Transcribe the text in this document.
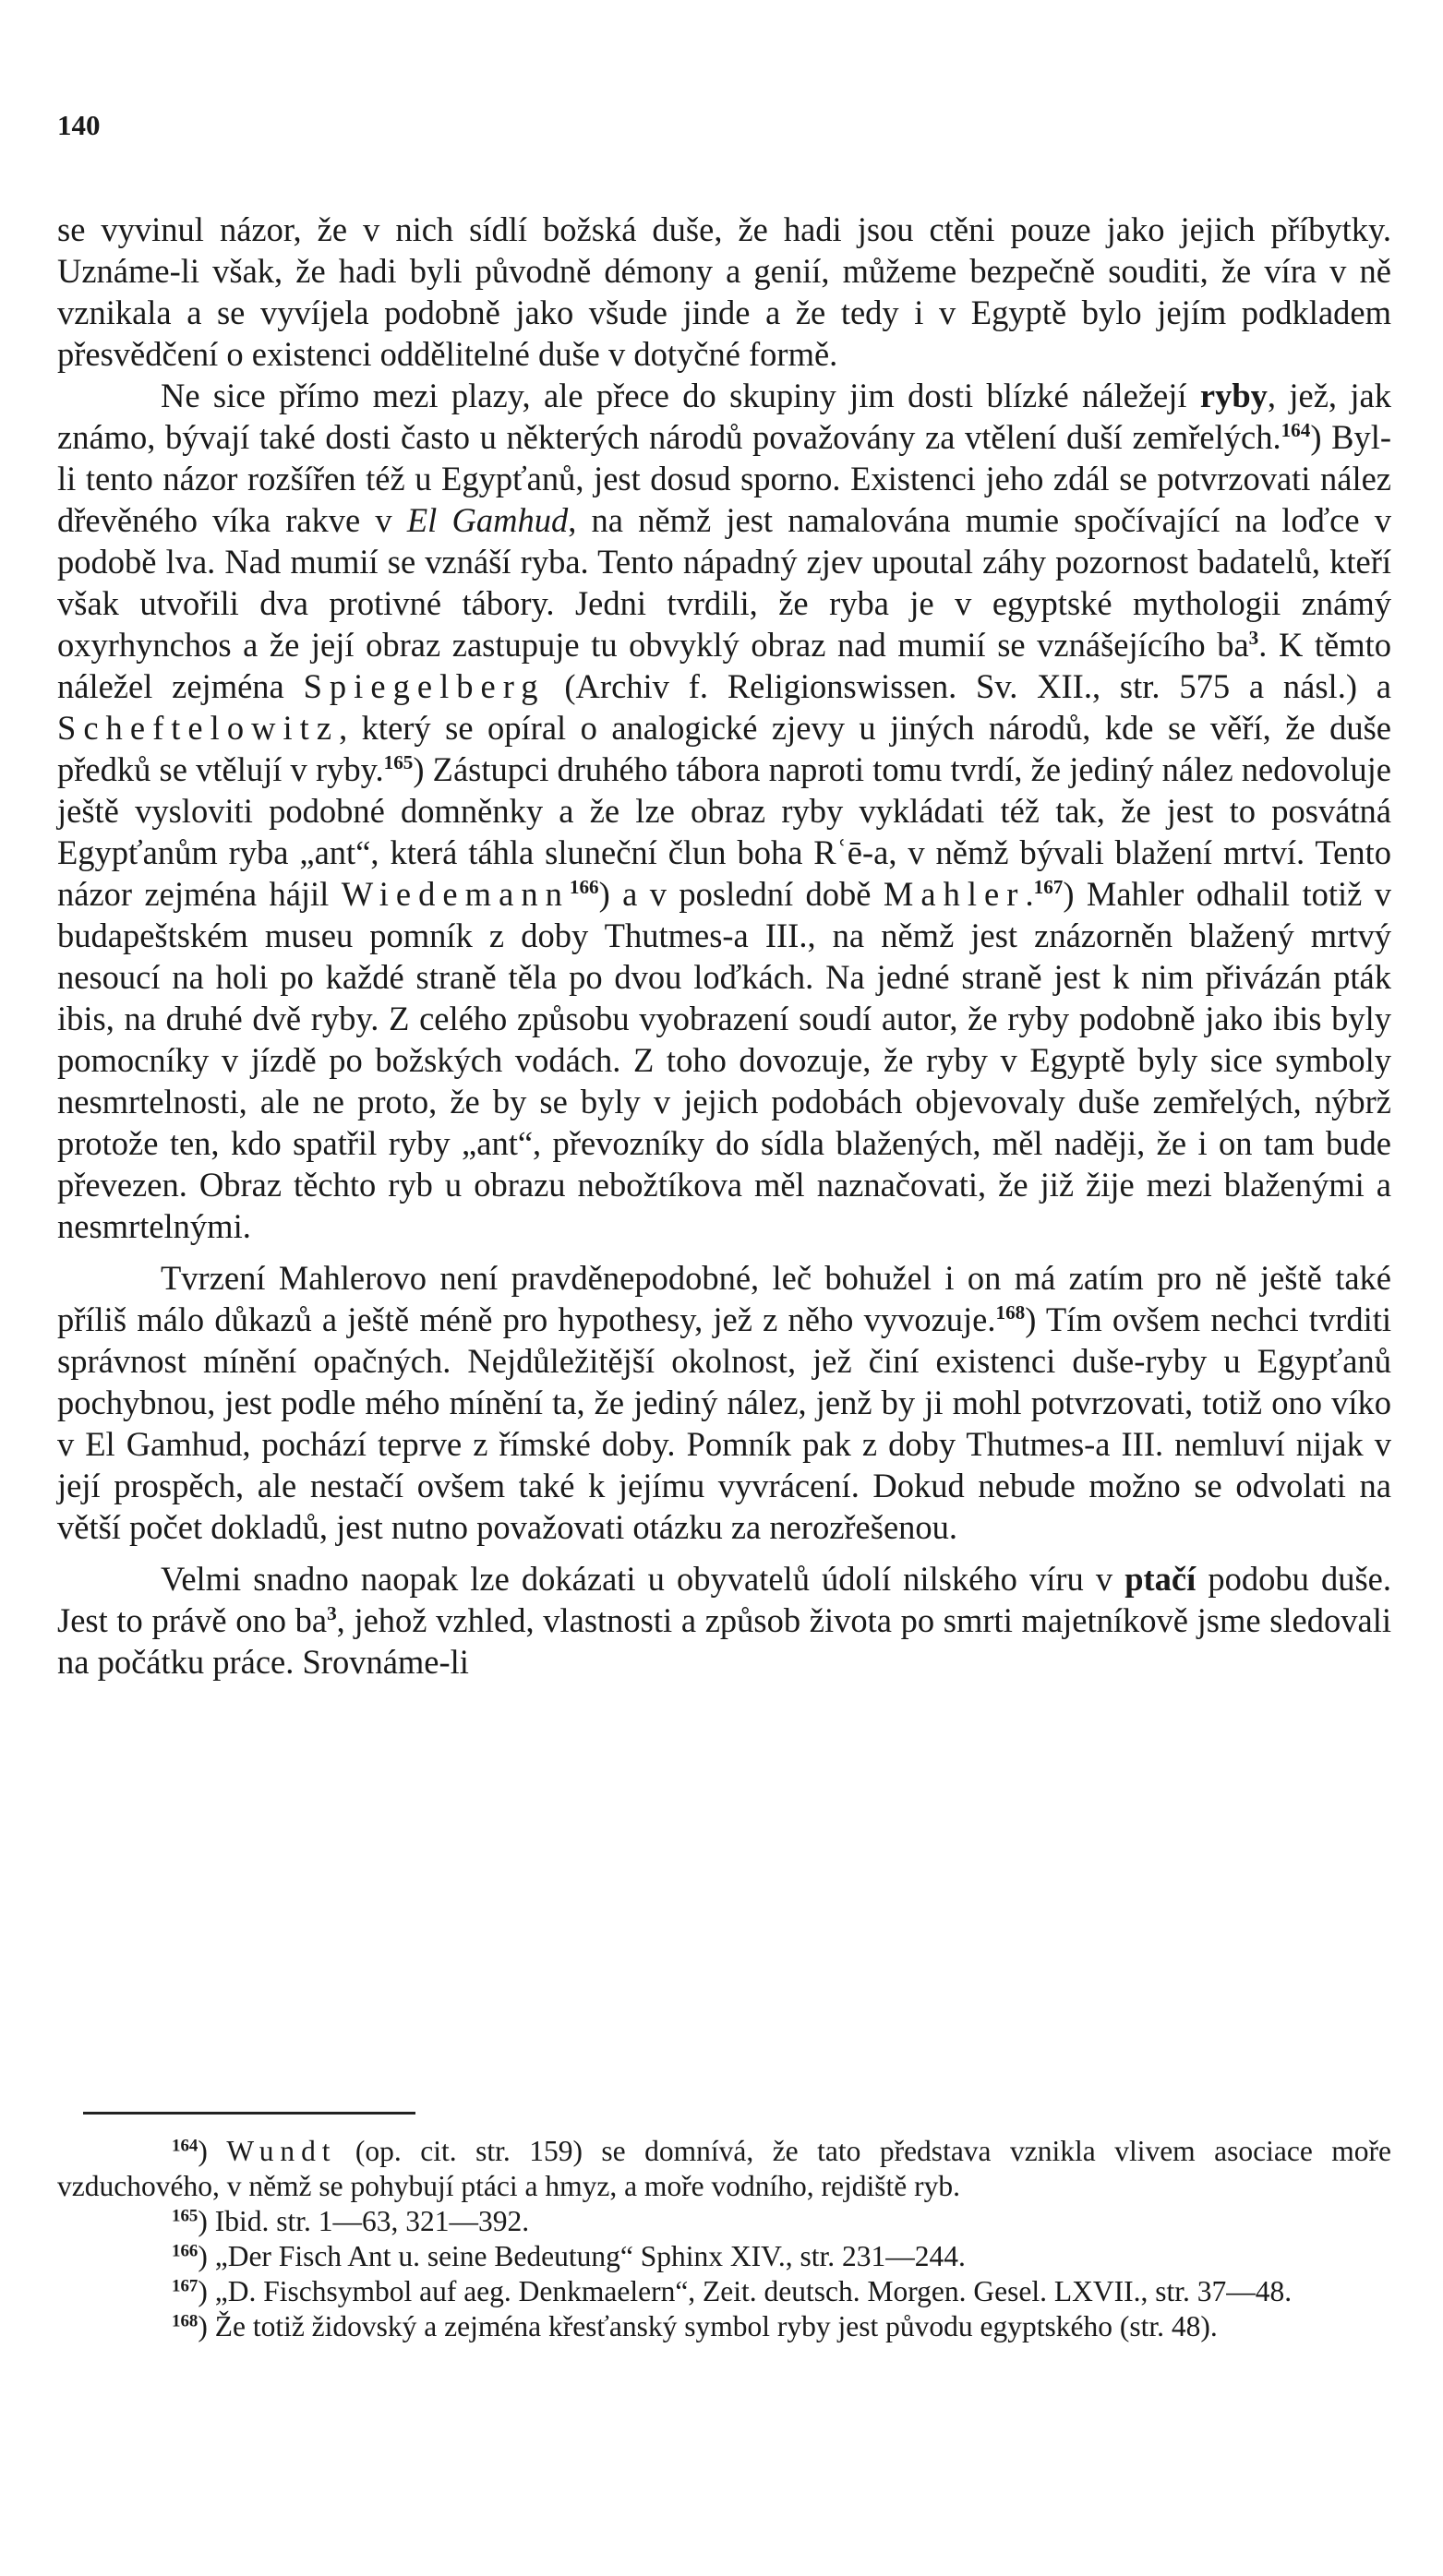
140

se vyvinul názor, že v nich sídlí božská duše, že hadi jsou ctěni pouze jako jejich příbytky. Uznáme-li však, že hadi byli původně démony a genií, můžeme bezpečně souditi, že víra v ně vznikala a se vyvíjela podobně jako všude jinde a že tedy i v Egyptě bylo jejím podkladem přesvědčení o existenci oddělitelné duše v dotyčné formě.

Ne sice přímo mezi plazy, ale přece do skupiny jim dosti blízké náležejí ryby, jež, jak známo, bývají také dosti často u některých národů považovány za vtělení duší zemřelých.$^{164}$) Byl-li tento názor rozšířen též u Egypťanů, jest dosud sporno. Existenci jeho zdál se potvrzovati nález dřevěného víka rakve v El Gamhud, na němž jest namalována mumie spočívající na loďce v podobě lva. Nad mumií se vznáší ryba. Tento nápadný zjev upoutal záhy pozornost badatelů, kteří však utvořili dva protivné tábory. Jedni tvrdili, že ryba je v egyptské mythologii známý oxyrhynchos a že její obraz zastupuje tu obvyklý obraz nad mumií se vznášejícího $ba^3$. K těmto náležel zejména Spiegelberg (Archiv f. Religionswissen. Sv. XII., str. 575 a násl.) a Scheftelowitz, který se opíral o analogické zjevy u jiných národů, kde se věří, že duše předků se vtělují v ryby.$^{165}$) Zástupci druhého tábora naproti tomu tvrdí, že jediný nález nedovoluje ještě vysloviti podobné domněnky a že lze obraz ryby vykládati též tak, že jest to posvátná Egypťanům ryba „ant“, která táhla sluneční člun boha Rʿē-a, v němž bývali blažení mrtví. Tento názor zejména hájil Wiedemann$^{166}$) a v poslední době Mahler.$^{167}$) Mahler odhalil totiž v budapeštském museu pomník z doby Thutmes-a III., na němž jest znázorněn blažený mrtvý nesoucí na holi po každé straně těla po dvou loďkách. Na jedné straně jest k nim přivázán pták ibis, na druhé dvě ryby. Z celého způsobu vyobrazení soudí autor, že ryby podobně jako ibis byly pomocníky v jízdě po božských vodách. Z toho dovozuje, že ryby v Egyptě byly sice symboly nesmrtelnosti, ale ne proto, že by se byly v jejich podobách objevovaly duše zemřelých, nýbrž protože ten, kdo spatřil ryby „ant“, převozníky do sídla blažených, měl naději, že i on tam bude převezen. Obraz těchto ryb u obrazu nebožtíkova měl naznačovati, že již žije mezi blaženými a nesmrtelnými.

Tvrzení Mahlerovo není pravděnepodobné, leč bohužel i on má zatím pro ně ještě také příliš málo důkazů a ještě méně pro hypothesy, jež z něho vyvozuje.$^{168}$) Tím ovšem nechci tvrditi správnost mínění opačných. Nejdůležitější okolnost, jež činí existenci duše-ryby u Egypťanů pochybnou, jest podle mého mínění ta, že jediný nález, jenž by ji mohl potvrzovati, totiž ono víko v El Gamhud, pochází teprve z římské doby. Pomník pak z doby Thutmes-a III. nemluví nijak v její prospěch, ale nestačí ovšem také k jejímu vyvrácení. Dokud nebude možno se odvolati na větší počet dokladů, jest nutno považovati otázku za nerozřešenou.

Velmi snadno naopak lze dokázati u obyvatelů údolí nilského víru v ptačí podobu duše. Jest to právě ono $ba^3$, jehož vzhled, vlastnosti a způsob života po smrti majetníkově jsme sledovali na počátku práce. Srovnáme-li

$^{164}$) Wundt (op. cit. str. 159) se domnívá, že tato představa vznikla vlivem asociace moře vzduchového, v němž se pohybují ptáci a hmyz, a moře vodního, rejdiště ryb.

$^{165}$) Ibid. str. 1—63, 321—392.

$^{166}$) „Der Fisch Ant u. seine Bedeutung“ Sphinx XIV., str. 231—244.

$^{167}$) „D. Fischsymbol auf aeg. Denkmaelern“, Zeit. deutsch. Morgen. Gesel. LXVII., str. 37—48.

$^{168}$) Že totiž židovský a zejména křesťanský symbol ryby jest původu egyptského (str. 48).
